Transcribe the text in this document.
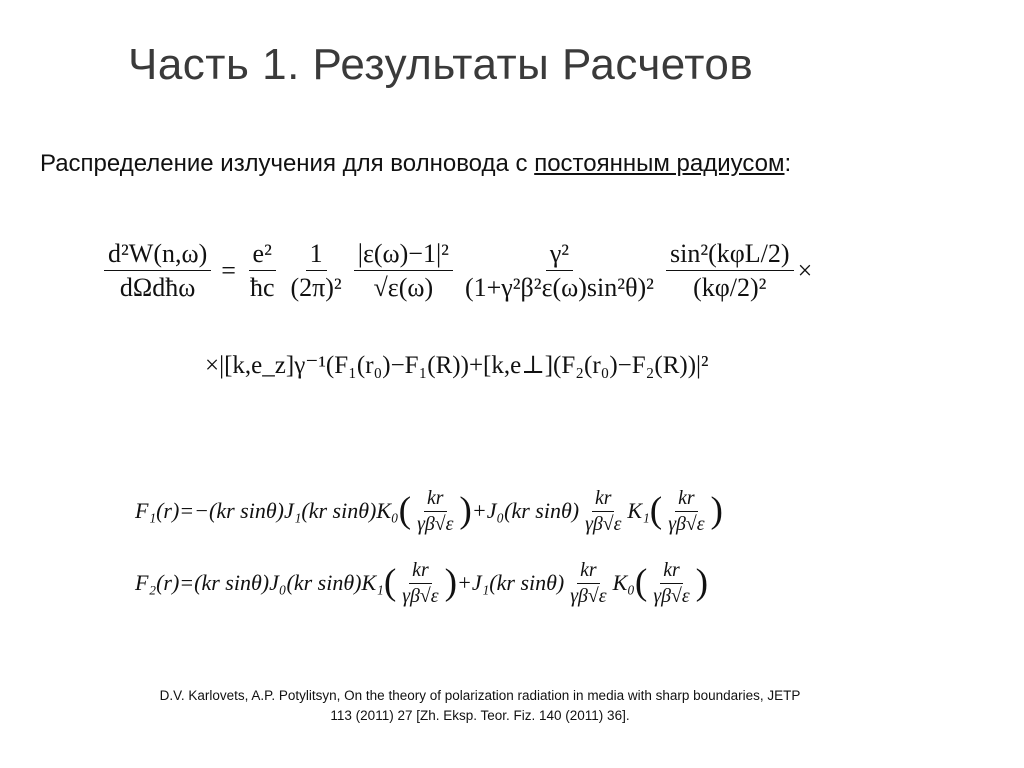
Часть 1. Результаты Расчетов
Распределение излучения для волновода с постоянным радиусом:
$\frac{\text{d²W(n,ω)}}{\text{dΩdħω}} = \frac{\text{e²}}{ħc} \frac{1}{\text{(2π)²}} \frac{\text{|ε(ω)−1|²}}{√\varepsilon(\omega)} \frac{\text{γ²}}{\text{(1+γ²β²ε(ω)sin²θ)²}} \frac{\text{sin²(kφL/2)}}{\text{(kφ/2)²}}$ ×
×|[k,e_z]γ⁻¹(F₁(r₀)−F₁(R))+[k,e⊥](F₂(r₀)−F₂(R))|²
F₁(r)=−(kr sinθ)J₁(kr sinθ)K₀ ( $\frac{kr}{\gamma\beta√\varepsilon}$ ) +J₀(kr $\sin\theta) \frac{kr}{\gamma\beta√\varepsilon} K_1$ ( $\frac{kr}{\gamma\beta√\varepsilon}$ )
F₂(r)=(kr sinθ)J₀(kr sinθ)K₁ ( $\frac{kr}{\gamma\beta√\varepsilon}$ ) +J₁(kr $\sin\theta) \frac{kr}{\gamma\beta√\varepsilon} K_0$ ( $\frac{kr}{\gamma\beta√\varepsilon}$ )
D.V. Karlovets, A.P. Potylitsyn, On the theory of polarization radiation in media with sharp boundaries, JETP
113 (2011) 27 [Zh. Eksp. Teor. Fiz. 140 (2011) 36].
